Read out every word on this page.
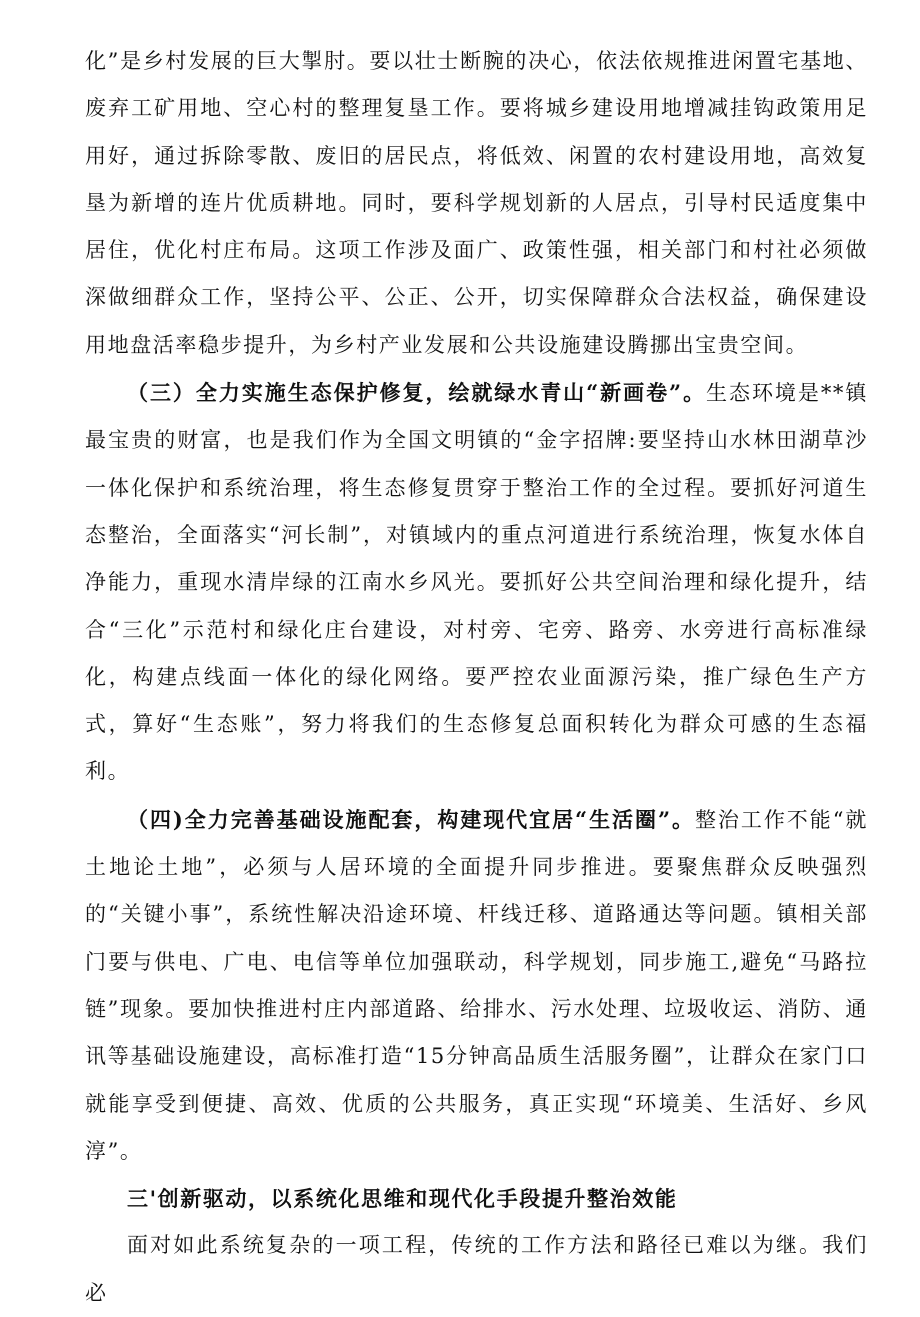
化”是乡村发展的巨大掣肘。要以壮士断腕的决心，依法依规推进闲置宅基地、废弃工矿用地、空心村的整理复垦工作。要将城乡建设用地增减挂钩政策用足用好，通过拆除零散、废旧的居民点，将低效、闲置的农村建设用地，高效复垦为新增的连片优质耕地。同时，要科学规划新的人居点，引导村民适度集中居住，优化村庄布局。这项工作涉及面广、政策性强，相关部门和村社必须做深做细群众工作，坚持公平、公正、公开，切实保障群众合法权益，确保建设用地盘活率稳步提升，为乡村产业发展和公共设施建设腾挪出宝贵空间。

（三）全力实施生态保护修复，绘就绿水青山“新画卷”。生态环境是**镇最宝贵的财富，也是我们作为全国文明镇的“金字招牌:要坚持山水林田湖草沙一体化保护和系统治理，将生态修复贯穿于整治工作的全过程。要抓好河道生态整治，全面落实“河长制”，对镇域内的重点河道进行系统治理，恢复水体自净能力，重现水清岸绿的江南水乡风光。要抓好公共空间治理和绿化提升，结合“三化”示范村和绿化庄台建设，对村旁、宅旁、路旁、水旁进行高标准绿化，构建点线面一体化的绿化网络。要严控农业面源污染，推广绿色生产方式，算好“生态账”，努力将我们的生态修复总面积转化为群众可感的生态福利。

（四)全力完善基础设施配套，构建现代宜居“生活圈”。整治工作不能“就土地论土地”，必须与人居环境的全面提升同步推进。要聚焦群众反映强烈的“关键小事”，系统性解决沿途环境、杆线迁移、道路通达等问题。镇相关部门要与供电、广电、电信等单位加强联动，科学规划，同步施工,避免“马路拉链”现象。要加快推进村庄内部道路、给排水、污水处理、垃圾收运、消防、通讯等基础设施建设，高标准打造“15分钟高品质生活服务圈”，让群众在家门口就能享受到便捷、高效、优质的公共服务，真正实现“环境美、生活好、乡风淳”。

三'创新驱动，以系统化思维和现代化手段提升整治效能

面对如此系统复杂的一项工程，传统的工作方法和路径已难以为继。我们必
